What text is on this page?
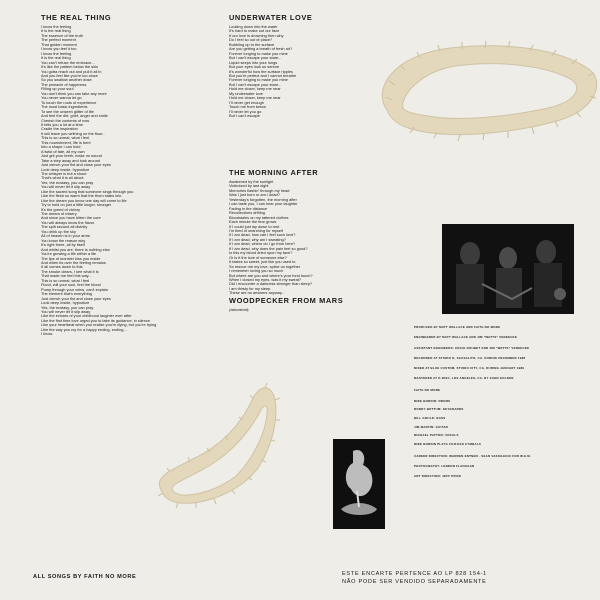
THE REAL THING
I know the feeling
It is the real thing
The essence of the truth
The perfect moment
That golden moment
I know you feel it too
I know the feeling
It is the real thing
You can't refuse the embrace...
It's like the pattern below the skin
You gotta reach out and pull it all in
And you feel like you're too close
So you swallow another dose
The pinnacle of happiness
Filling up your soul
You don't think you can take any more
You never wanna let go
To touch the roots of experience
The most basic ingredients
To see the unseen glitter of life
And feel the dirt, grief, anger and smile
Cherish the contents of now
It tells you a lot at a time
Cradle the inspiration
It will leave you writhing on the floor...
This is so unreal, what I feel
This nourishment, life is bent
Into a shape I can hold
A twist of fate, all my own
Just grit your teeth, make no sound
Take a step away and look around
Just clench your fist and close your eyes
Look deep inside, hypnotize
The whisper is but a shout
That's what it is all about
Yes, the ecstasy, you can pray
You will never let it slip away
Like the sacred song that someone sings through you
Like the flesh so warm that the thorn stabs into
Like the dream you know one day will come to life
Try to hold on just a little longer, stronger
It's the greed of victory
The dream of misery
And since you have bitten the core
You will always know the flavor
The split second all divinity
You drink up the sky
All of heaven is in your arms
You know the reason why
It's right there, all by itself
And whilst you are, there is nothing else
You're growing a life within a life
The lips of monster kiss you inside
And when its over the feeling remains
It all comes down to this
The smoke clears, I see what it is
That made me feel this way...
This is so unreal, what I feel
Flood, will your soul, feel the blood
Pump through your veins, can't explain
The element that's everything
Just clench your fist and close your eyes
Look deep inside, hypnotize
Yes, the ecstasy, you can pray
You will never let it slip away
Like the echoes of your childhood laughter ever after
Like the first time love urged you to take its guidance, in silence
Like your heartbeat when you realize you're dying, but you're trying
Like the way you cry for a happy ending, ending...
I know.
UNDERWATER LOVE
Looking down into the water
It's hard to make out our face
If our love is drowning then why
Do I feel so out of place?
Bubbling up to the surface
Are you getting a breath of fresh air?
Forever longing to make you mine
But I can't escape your stare...
Liquid seeps into your lungs
But your eyes look so serene
It's wonderful how the surface ripples
But you're perfect and I cannot breathe
Forever longing to make you mine
But I can't escape your stare...
Hold me closer, keep me near
My underwater love
Hold me closer, keep me near
I'll never get enough
Touch me from below
I'll never let you go
But I can't escape
THE MORNING AFTER
Awakened by the sunlight
Victimized by last night
Memories flashin' through my head
Was I just born or am I dead?
Yesterday's forgotten, the morning after
I can taste you, I can hear your laughter
Fading in the distance
Recollections drifting
Bloodstains on my tattered clothes
Each minute the fear grows
If I could just lay down to rest
I'm tired of searching for myself
If I am dead, how can I feel such love?
If I am dead, why am I sweating?
If I am dead, where do I go from here?
If I am dead, why does the pain feel so good?
Is this my blood dried upon my face?
Or is it the love of someone else?
It tastes so sweet, just like you used to
So rescue me my love, splice us together
I remember loving you so much
But where are you and where's your fond touch?
When I closed my eyes, was it my sweat?
Did I encounter a darkness stronger than sleep?
I am thirsty for my sleep
These are no answers anyway...
WOODPECKER FROM MARS
(instrumental)
PRODUCED BY MATT WALLACE AND FAITH NO MORE
ENGINEERED BY MATT WALLACE AND JIM "WATTS" VEREECKE
ASSISTANT ENGINEERS: CRAIG DOUBET AND JIM "WATTS" VEREECKE
RECORDED AT STUDIO D, SAUSALITO, CA. DURING DECEMBER 1988
MIXED AT BLUE CUSTOM, STUDIO CITY, CA. DURING JANUARY 1989
MASTERED AT K-DISC, LOS ANGELES, CA. BY JOHN GOLDEN
FAITH NO MORE
MIKE BORDIN: DRUMS
RODDY BOTTUM: KEYBOARDS
BILL GOULD: BASS
JIM MARTIN: GUITAR
MICHAEL PATTON: VOCALS
MIKE BORDIN PLAYS ZILDJIAN CYMBALS
CAREER DIRECTION: WARREN ENTNER - SEAN VASSILEIOU FOR W.E.M.
PHOTOGRAPHY: LENDON FLANAGAN
ART DIRECTION: JEFF PRICE
ALL SONGS BY FAITH NO MORE	ESTE ENCARTE PERTENCE AO LP 828 154-1
NÃO PODE SER VENDIDO SEPARADAMENTE
